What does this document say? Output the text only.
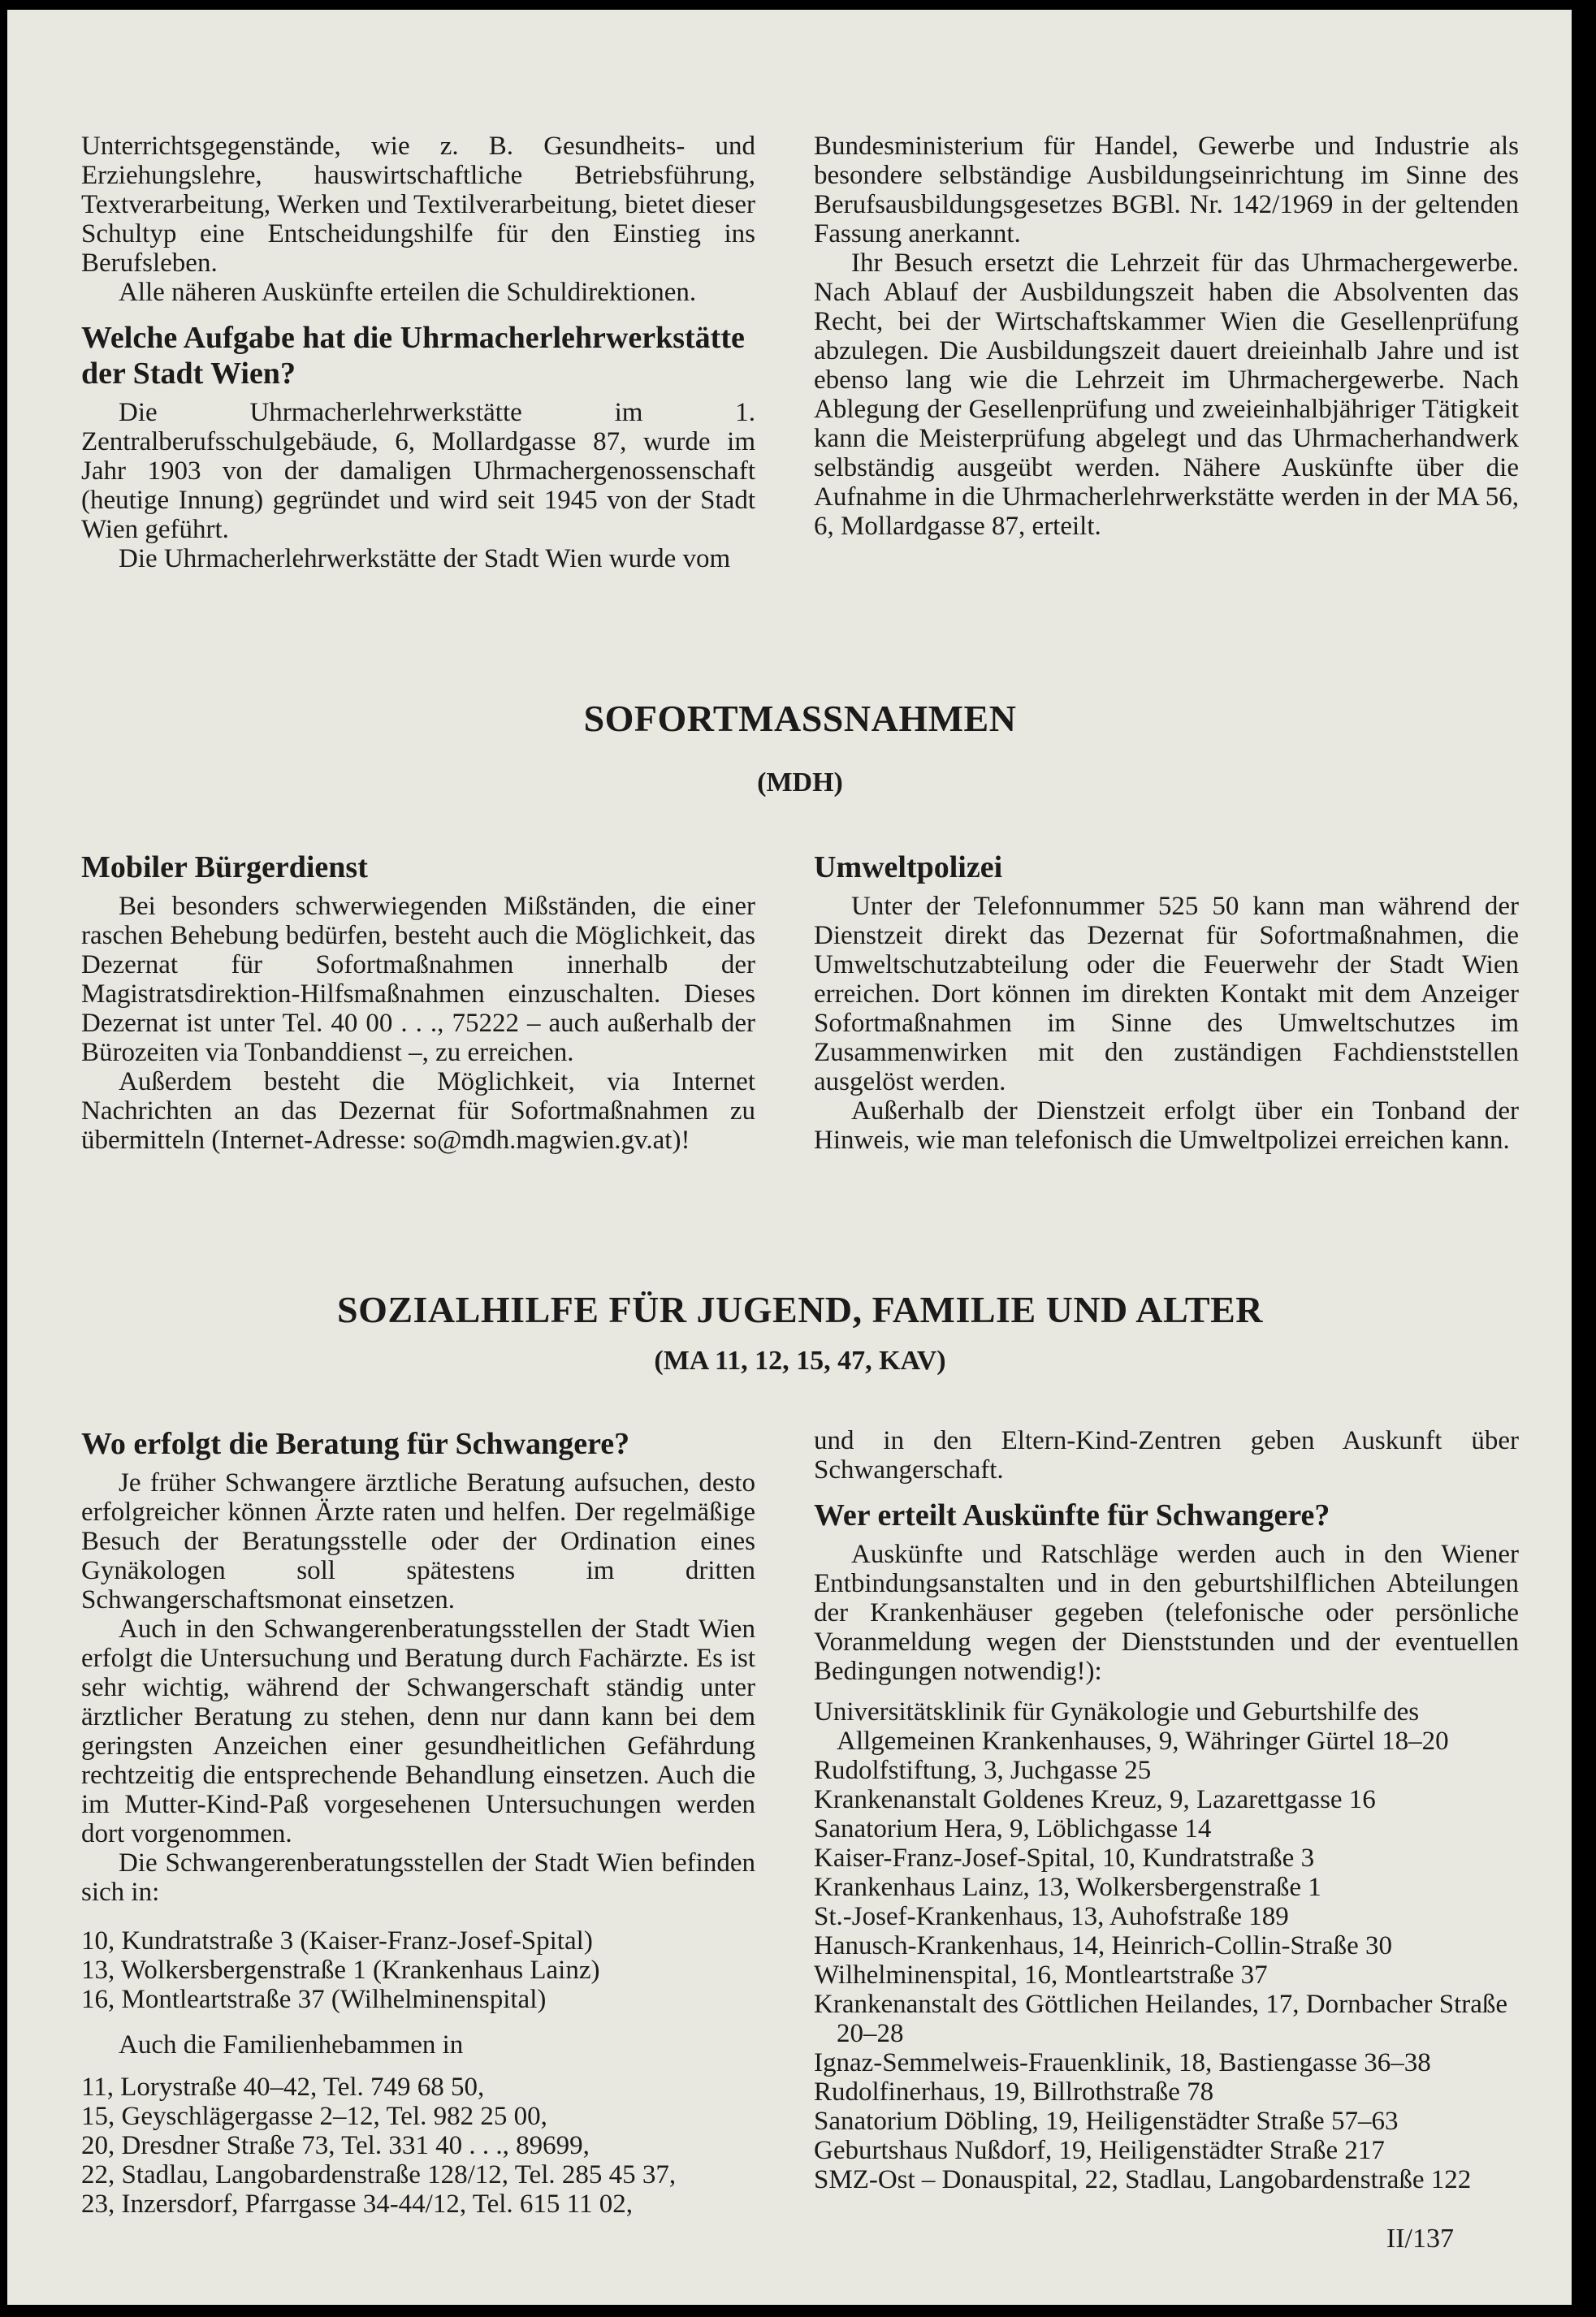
Unterrichtsgegenstände, wie z. B. Gesundheits- und Erziehungslehre, hauswirtschaftliche Betriebsführung, Textverarbeitung, Werken und Textilverarbeitung, bietet dieser Schultyp eine Entscheidungshilfe für den Einstieg ins Berufsleben.

Alle näheren Auskünfte erteilen die Schuldirektionen.

Welche Aufgabe hat die Uhrmacherlehrwerkstätte der Stadt Wien?

Die Uhrmacherlehrwerkstätte im 1. Zentralberufsschulgebäude, 6, Mollardgasse 87, wurde im Jahr 1903 von der damaligen Uhrmachergenossenschaft (heutige Innung) gegründet und wird seit 1945 von der Stadt Wien geführt.

Die Uhrmacherlehrwerkstätte der Stadt Wien wurde vom

Bundesministerium für Handel, Gewerbe und Industrie als besondere selbständige Ausbildungseinrichtung im Sinne des Berufsausbildungsgesetzes BGBl. Nr. 142/1969 in der geltenden Fassung anerkannt.

Ihr Besuch ersetzt die Lehrzeit für das Uhrmachergewerbe. Nach Ablauf der Ausbildungszeit haben die Absolventen das Recht, bei der Wirtschaftskammer Wien die Gesellenprüfung abzulegen. Die Ausbildungszeit dauert dreieinhalb Jahre und ist ebenso lang wie die Lehrzeit im Uhrmachergewerbe. Nach Ablegung der Gesellenprüfung und zweieinhalbjähriger Tätigkeit kann die Meisterprüfung abgelegt und das Uhrmacherhandwerk selbständig ausgeübt werden. Nähere Auskünfte über die Aufnahme in die Uhrmacherlehrwerkstätte werden in der MA 56, 6, Mollardgasse 87, erteilt.

SOFORTMASSNAHMEN
(MDH)
Mobiler Bürgerdienst

Bei besonders schwerwiegenden Mißständen, die einer raschen Behebung bedürfen, besteht auch die Möglichkeit, das Dezernat für Sofortmaßnahmen innerhalb der Magistratsdirektion-Hilfsmaßnahmen einzuschalten. Dieses Dezernat ist unter Tel. 40 00 . . ., 75222 – auch außerhalb der Bürozeiten via Tonbanddienst –, zu erreichen.

Außerdem besteht die Möglichkeit, via Internet Nachrichten an das Dezernat für Sofortmaßnahmen zu übermitteln (Internet-Adresse: so@mdh.magwien.gv.at)!

Umweltpolizei

Unter der Telefonnummer 525 50 kann man während der Dienstzeit direkt das Dezernat für Sofortmaßnahmen, die Umweltschutzabteilung oder die Feuerwehr der Stadt Wien erreichen. Dort können im direkten Kontakt mit dem Anzeiger Sofortmaßnahmen im Sinne des Umweltschutzes im Zusammenwirken mit den zuständigen Fachdienststellen ausgelöst werden.

Außerhalb der Dienstzeit erfolgt über ein Tonband der Hinweis, wie man telefonisch die Umweltpolizei erreichen kann.

SOZIALHILFE FÜR JUGEND, FAMILIE UND ALTER
(MA 11, 12, 15, 47, KAV)
Wo erfolgt die Beratung für Schwangere?

Je früher Schwangere ärztliche Beratung aufsuchen, desto erfolgreicher können Ärzte raten und helfen. Der regelmäßige Besuch der Beratungsstelle oder der Ordination eines Gynäkologen soll spätestens im dritten Schwangerschaftsmonat einsetzen.

Auch in den Schwangerenberatungsstellen der Stadt Wien erfolgt die Untersuchung und Beratung durch Fachärzte. Es ist sehr wichtig, während der Schwangerschaft ständig unter ärztlicher Beratung zu stehen, denn nur dann kann bei dem geringsten Anzeichen einer gesundheitlichen Gefährdung rechtzeitig die entsprechende Behandlung einsetzen. Auch die im Mutter-Kind-Paß vorgesehenen Untersuchungen werden dort vorgenommen.

Die Schwangerenberatungsstellen der Stadt Wien befinden sich in:

10, Kundratstraße 3 (Kaiser-Franz-Josef-Spital)

13, Wolkersbergenstraße 1 (Krankenhaus Lainz)

16, Montleartstraße 37 (Wilhelminenspital)

Auch die Familienhebammen in

11, Lorystraße 40–42, Tel. 749 68 50,

15, Geyschlägergasse 2–12, Tel. 982 25 00,

20, Dresdner Straße 73, Tel. 331 40 . . ., 89699,

22, Stadlau, Langobardenstraße 128/12, Tel. 285 45 37,

23, Inzersdorf, Pfarrgasse 34-44/12, Tel. 615 11 02,

und in den Eltern-Kind-Zentren geben Auskunft über Schwangerschaft.

Wer erteilt Auskünfte für Schwangere?

Auskünfte und Ratschläge werden auch in den Wiener Entbindungsanstalten und in den geburtshilflichen Abteilungen der Krankenhäuser gegeben (telefonische oder persönliche Voranmeldung wegen der Dienststunden und der eventuellen Bedingungen notwendig!):

Universitätsklinik für Gynäkologie und Geburtshilfe des Allgemeinen Krankenhauses, 9, Währinger Gürtel 18–20

Rudolfstiftung, 3, Juchgasse 25

Krankenanstalt Goldenes Kreuz, 9, Lazarettgasse 16

Sanatorium Hera, 9, Löblichgasse 14

Kaiser-Franz-Josef-Spital, 10, Kundratstraße 3

Krankenhaus Lainz, 13, Wolkersbergenstraße 1

St.-Josef-Krankenhaus, 13, Auhofstraße 189

Hanusch-Krankenhaus, 14, Heinrich-Collin-Straße 30

Wilhelminenspital, 16, Montleartstraße 37

Krankenanstalt des Göttlichen Heilandes, 17, Dornbacher Straße 20–28

Ignaz-Semmelweis-Frauenklinik, 18, Bastiengasse 36–38

Rudolfinerhaus, 19, Billrothstraße 78

Sanatorium Döbling, 19, Heiligenstädter Straße 57–63

Geburtshaus Nußdorf, 19, Heiligenstädter Straße 217

SMZ-Ost – Donauspital, 22, Stadlau, Langobardenstraße 122

II/137
